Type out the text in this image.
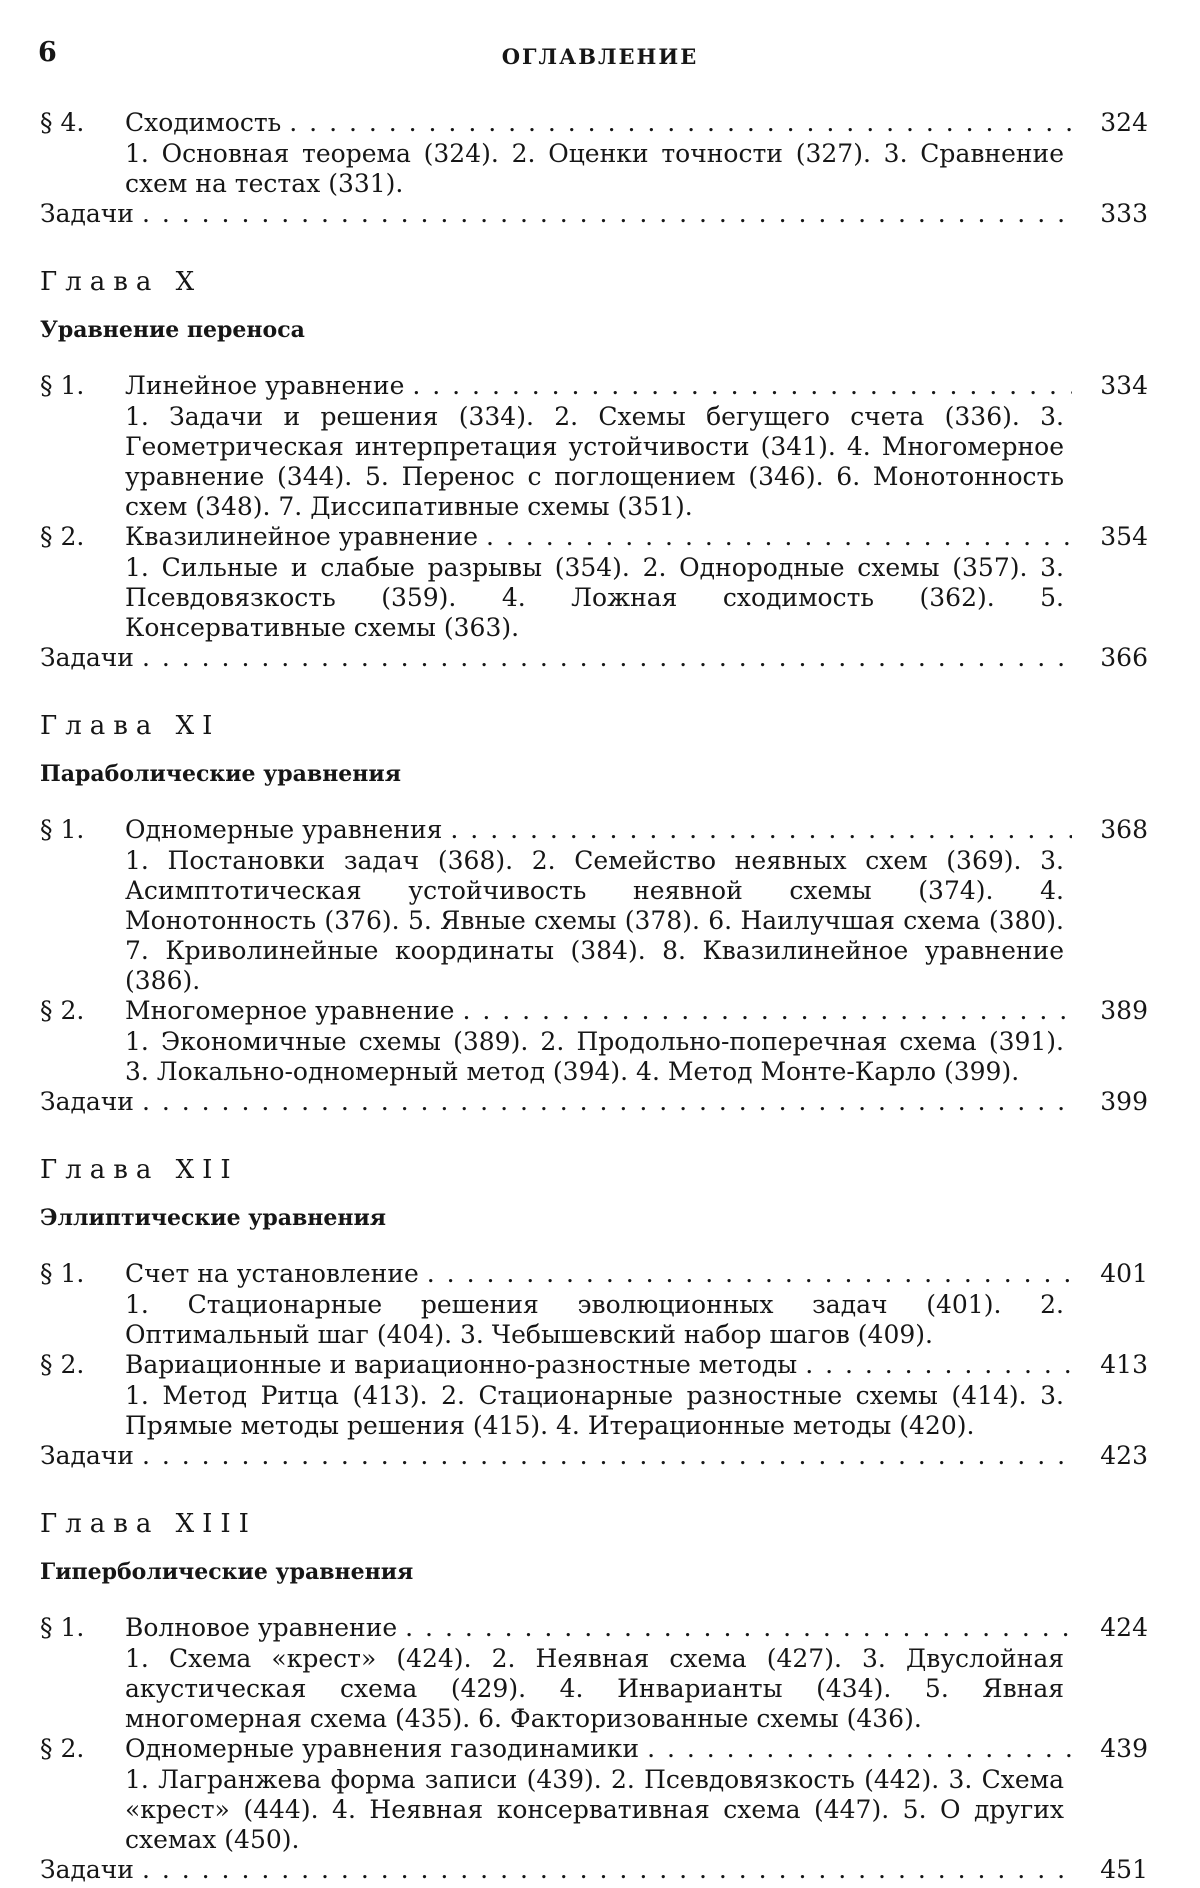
6	ОГЛАВЛЕНИЕ
§ 4.	Сходимость . . .	324
1. Основная теорема (324). 2. Оценки точности (327). 3. Сравнение схем на тестах (331).
Задачи . . .	333
Глава X
Уравнение переноса
§ 1.	Линейное уравнение . . .	334
1. Задачи и решения (334). 2. Схемы бегущего счета (336). 3. Геометрическая интерпретация устойчивости (341). 4. Многомерное уравнение (344). 5. Перенос с поглощением (346). 6. Монотонность схем (348). 7. Диссипативные схемы (351).
§ 2.	Квазилинейное уравнение . . .	354
1. Сильные и слабые разрывы (354). 2. Однородные схемы (357). 3. Псевдовязкость (359). 4. Ложная сходимость (362). 5. Консервативные схемы (363).
Задачи . . .	366
Глава XI
Параболические уравнения
§ 1.	Одномерные уравнения . . .	368
1. Постановки задач (368). 2. Семейство неявных схем (369). 3. Асимптотическая устойчивость неявной схемы (374). 4. Монотонность (376). 5. Явные схемы (378). 6. Наилучшая схема (380). 7. Криволинейные координаты (384). 8. Квазилинейное уравнение (386).
§ 2.	Многомерное уравнение . . .	389
1. Экономичные схемы (389). 2. Продольно-поперечная схема (391). 3. Локально-одномерный метод (394). 4. Метод Монте-Карло (399).
Задачи . . .	399
Глава XII
Эллиптические уравнения
§ 1.	Счет на установление . . .	401
1. Стационарные решения эволюционных задач (401). 2. Оптимальный шаг (404). 3. Чебышевский набор шагов (409).
§ 2.	Вариационные и вариационно-разностные методы . . .	413
1. Метод Ритца (413). 2. Стационарные разностные схемы (414). 3. Прямые методы решения (415). 4. Итерационные методы (420).
Задачи . . .	423
Глава XIII
Гиперболические уравнения
§ 1.	Волновое уравнение . . .	424
1. Схема «крест» (424). 2. Неявная схема (427). 3. Двуслойная акустическая схема (429). 4. Инварианты (434). 5. Явная многомерная схема (435). 6. Факторизованные схемы (436).
§ 2.	Одномерные уравнения газодинамики . . .	439
1. Лагранжева форма записи (439). 2. Псевдовязкость (442). 3. Схема «крест» (444). 4. Неявная консервативная схема (447). 5. О других схемах (450).
Задачи . . .	451
